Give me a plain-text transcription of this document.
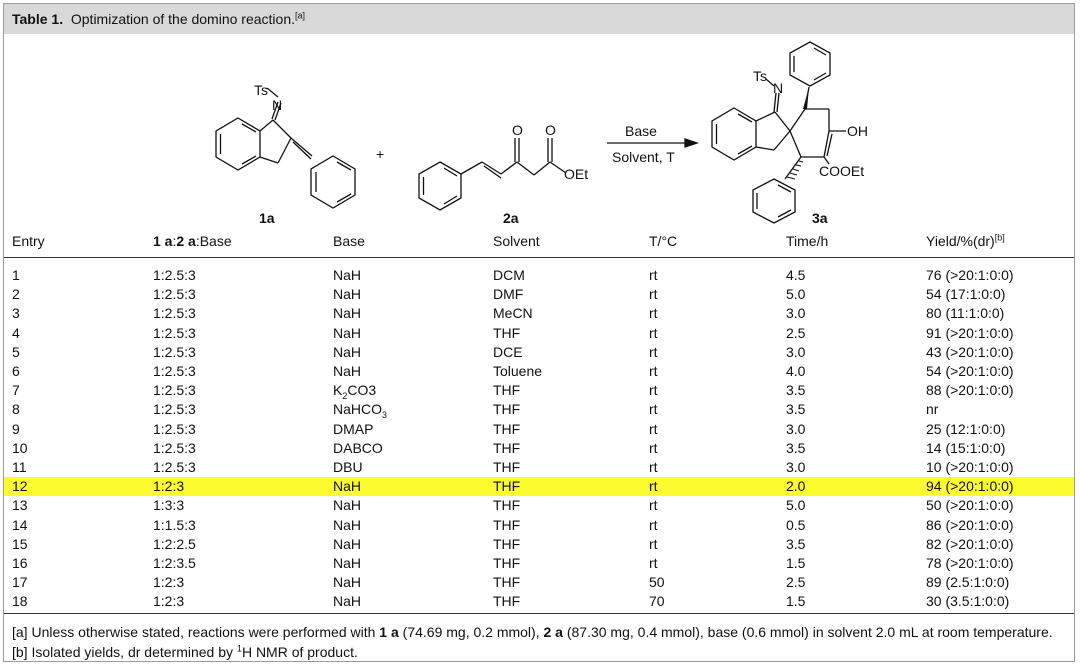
Table 1. Optimization of the domino reaction.[a]
Ts
N
O O
OEt
Ts
N
OH
COOEt
+
Base
Solvent, T
1a	2a	3a
Entry	1 a:2 a:Base	Base	Solvent	T/°C	Time/h	Yield/%(dr)[b]
1	1:2.5:3	NaH	DCM	rt	4.5	76 (>20:1:0:0)
2	1:2.5:3	NaH	DMF	rt	5.0	54 (17:1:0:0)
3	1:2.5:3	NaH	MeCN	rt	3.0	80 (11:1:0:0)
4	1:2.5:3	NaH	THF	rt	2.5	91 (>20:1:0:0)
5	1:2.5:3	NaH	DCE	rt	3.0	43 (>20:1:0:0)
6	1:2.5:3	NaH	Toluene	rt	4.0	54 (>20:1:0:0)
7	1:2.5:3	$K_2CO3$	THF	rt	3.5	88 (>20:1:0:0)
8	1:2.5:3	NaHCO$_3$	THF	rt	3.5	nr
9	1:2.5:3	DMAP	THF	rt	3.0	25 (12:1:0:0)
10	1:2.5:3	DABCO	THF	rt	3.5	14 (15:1:0:0)
11	1:2.5:3	DBU	THF	rt	3.0	10 (>20:1:0:0)
12	1:2:3	NaH	THF	rt	2.0	94 (>20:1:0:0)
13	1:3:3	NaH	THF	rt	5.0	50 (>20:1:0:0)
14	1:1.5:3	NaH	THF	rt	0.5	86 (>20:1:0:0)
15	1:2:2.5	NaH	THF	rt	3.5	82 (>20:1:0:0)
16	1:2:3.5	NaH	THF	rt	1.5	78 (>20:1:0:0)
17	1:2:3	NaH	THF	50	2.5	89 (2.5:1:0:0)
18	1:2:3	NaH	THF	70	1.5	30 (3.5:1:0:0)
[a] Unless otherwise stated, reactions were performed with 1 a (74.69 mg, 0.2 mmol), 2 a (87.30 mg, 0.4 mmol), base (0.6 mmol) in solvent 2.0 mL at room temperature. [b] Isolated yields, dr determined by $^1$H NMR of product.
